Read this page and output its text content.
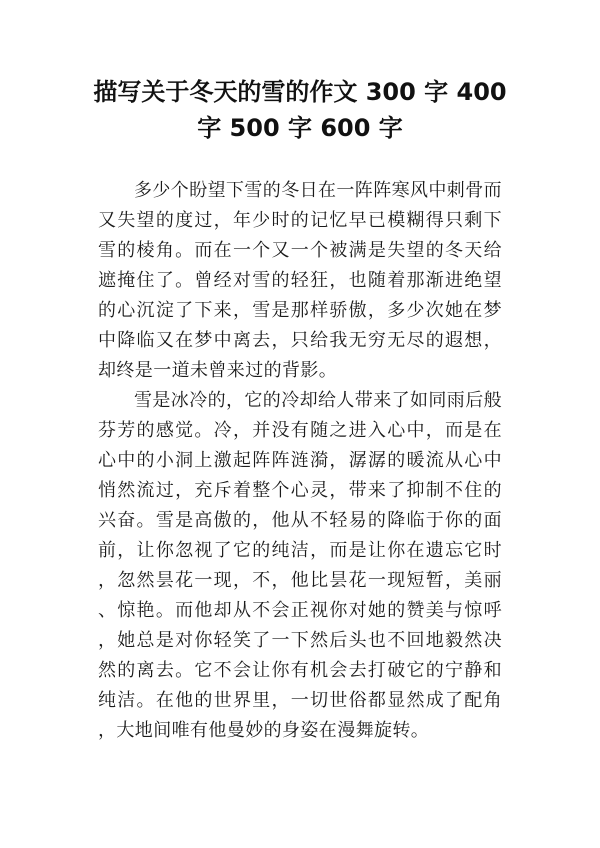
描写关于冬天的雪的作文 300 字 400 字 500 字 600 字

多少个盼望下雪的冬日在一阵阵寒风中刺骨而又失望的度过，年少时的记忆早已模糊得只剩下雪的棱角。而在一个又一个被满是失望的冬天给遮掩住了。曾经对雪的轻狂，也随着那渐进绝望的心沉淀了下来，雪是那样骄傲，多少次她在梦中降临又在梦中离去，只给我无穷无尽的遐想，却终是一道未曾来过的背影。

雪是冰冷的，它的冷却给人带来了如同雨后般芬芳的感觉。冷，并没有随之进入心中，而是在心中的小洞上激起阵阵涟漪，潺潺的暖流从心中悄然流过，充斥着整个心灵，带来了抑制不住的兴奋。雪是高傲的，他从不轻易的降临于你的面前，让你忽视了它的纯洁，而是让你在遗忘它时，忽然昙花一现，不，他比昙花一现短暂，美丽、惊艳。而他却从不会正视你对她的赞美与惊呼，她总是对你轻笑了一下然后头也不回地毅然决然的离去。它不会让你有机会去打破它的宁静和纯洁。在他的世界里，一切世俗都显然成了配角，大地间唯有他曼妙的身姿在漫舞旋转。
